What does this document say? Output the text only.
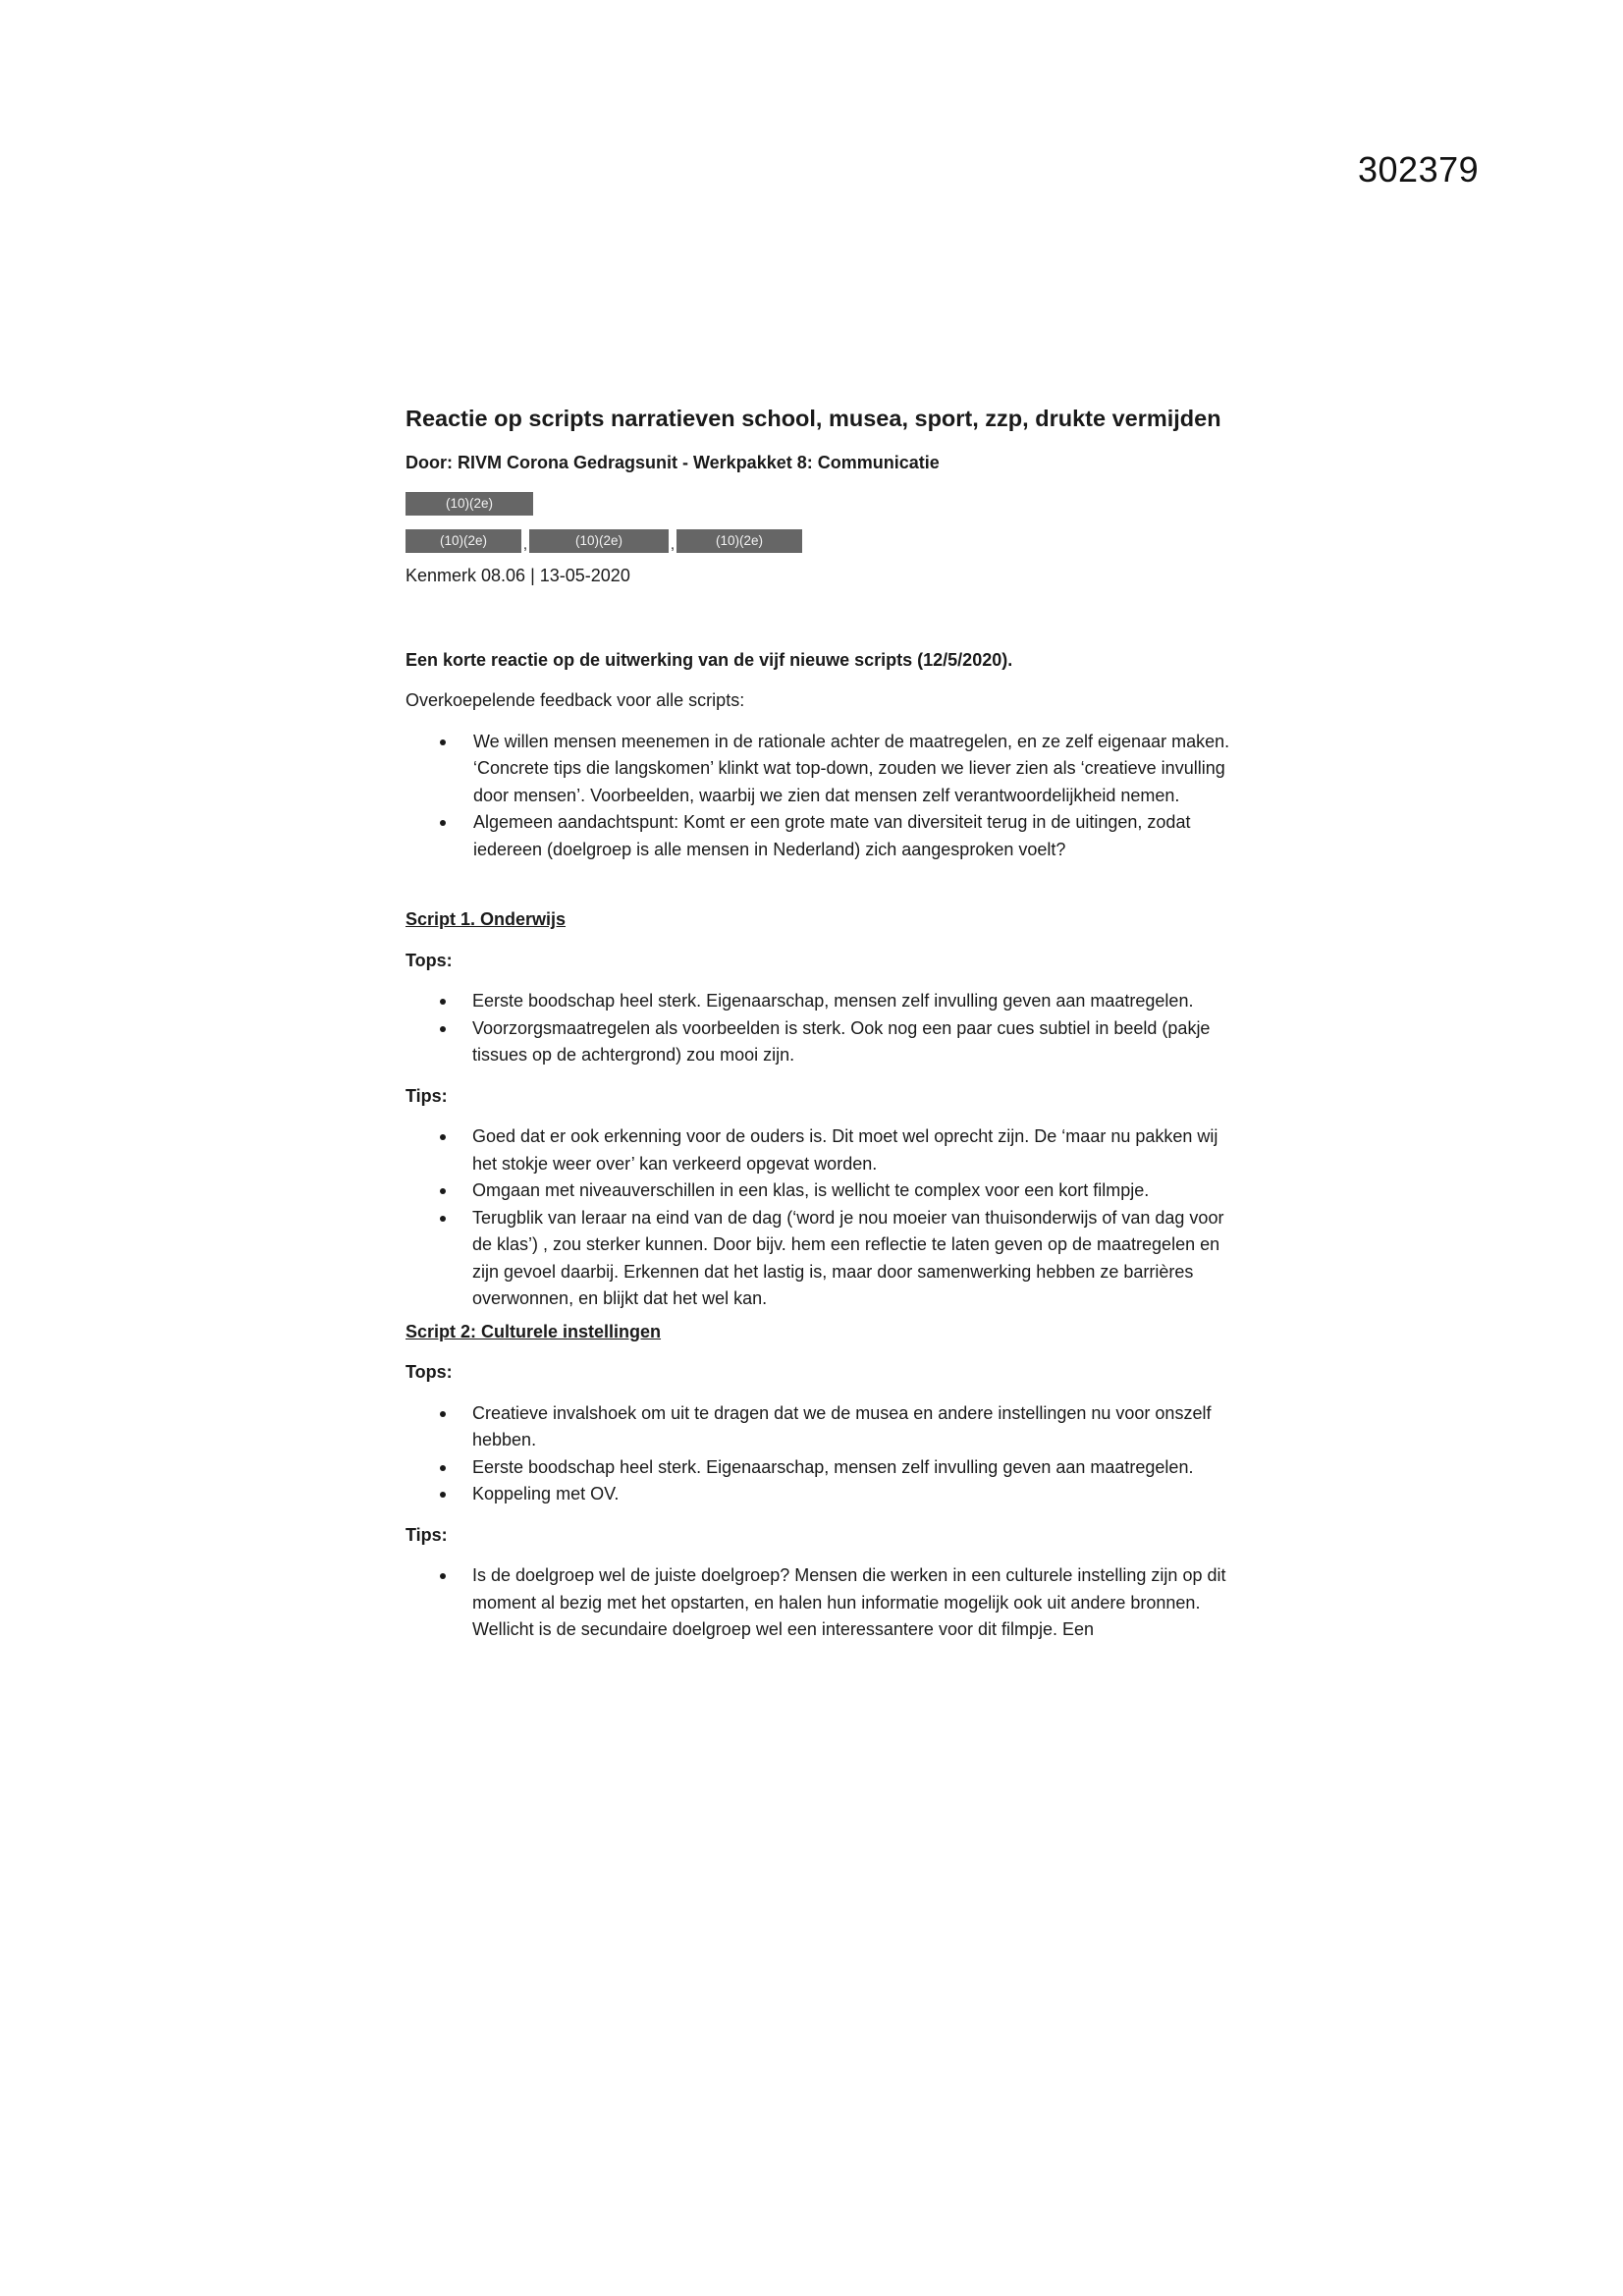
302379
Reactie op scripts narratieven school, musea, sport, zzp, drukte vermijden

Door: RIVM Corona Gedragsunit - Werkpakket 8: Communicatie

(10)(2e)
(10)(2e)	,	(10)(2e)	,	(10)(2e)

Kenmerk 08.06 | 13-05-2020

Een korte reactie op de uitwerking van de vijf nieuwe scripts (12/5/2020).

Overkoepelende feedback voor alle scripts:

We willen mensen meenemen in de rationale achter de maatregelen, en ze zelf eigenaar maken. ‘Concrete tips die langskomen’ klinkt wat top-down, zouden we liever zien als ‘creatieve invulling door mensen’. Voorbeelden, waarbij we zien dat mensen zelf verantwoordelijkheid nemen.
Algemeen aandachtspunt: Komt er een grote mate van diversiteit terug in de uitingen, zodat iedereen (doelgroep is alle mensen in Nederland) zich aangesproken voelt?

Script 1. Onderwijs

Tops:

Eerste boodschap heel sterk. Eigenaarschap, mensen zelf invulling geven aan maatregelen.
Voorzorgsmaatregelen als voorbeelden is sterk. Ook nog een paar cues subtiel in beeld (pakje tissues op de achtergrond) zou mooi zijn.

Tips:

Goed dat er ook erkenning voor de ouders is. Dit moet wel oprecht zijn. De ‘maar nu pakken wij het stokje weer over’ kan verkeerd opgevat worden.
Omgaan met niveauverschillen in een klas, is wellicht te complex voor een kort filmpje.
Terugblik van leraar na eind van de dag (‘word je nou moeier van thuisonderwijs of van dag voor de klas’) , zou sterker kunnen. Door bijv. hem een reflectie te laten geven op de maatregelen en zijn gevoel daarbij. Erkennen dat het lastig is, maar door samenwerking hebben ze barrières overwonnen, en blijkt dat het wel kan.

Script 2: Culturele instellingen

Tops:

Creatieve invalshoek om uit te dragen dat we de musea en andere instellingen nu voor onszelf hebben.
Eerste boodschap heel sterk. Eigenaarschap, mensen zelf invulling geven aan maatregelen.
Koppeling met OV.

Tips:

Is de doelgroep wel de juiste doelgroep? Mensen die werken in een culturele instelling zijn op dit moment al bezig met het opstarten, en halen hun informatie mogelijk ook uit andere bronnen. Wellicht is de secundaire doelgroep wel een interessantere voor dit filmpje. Een
